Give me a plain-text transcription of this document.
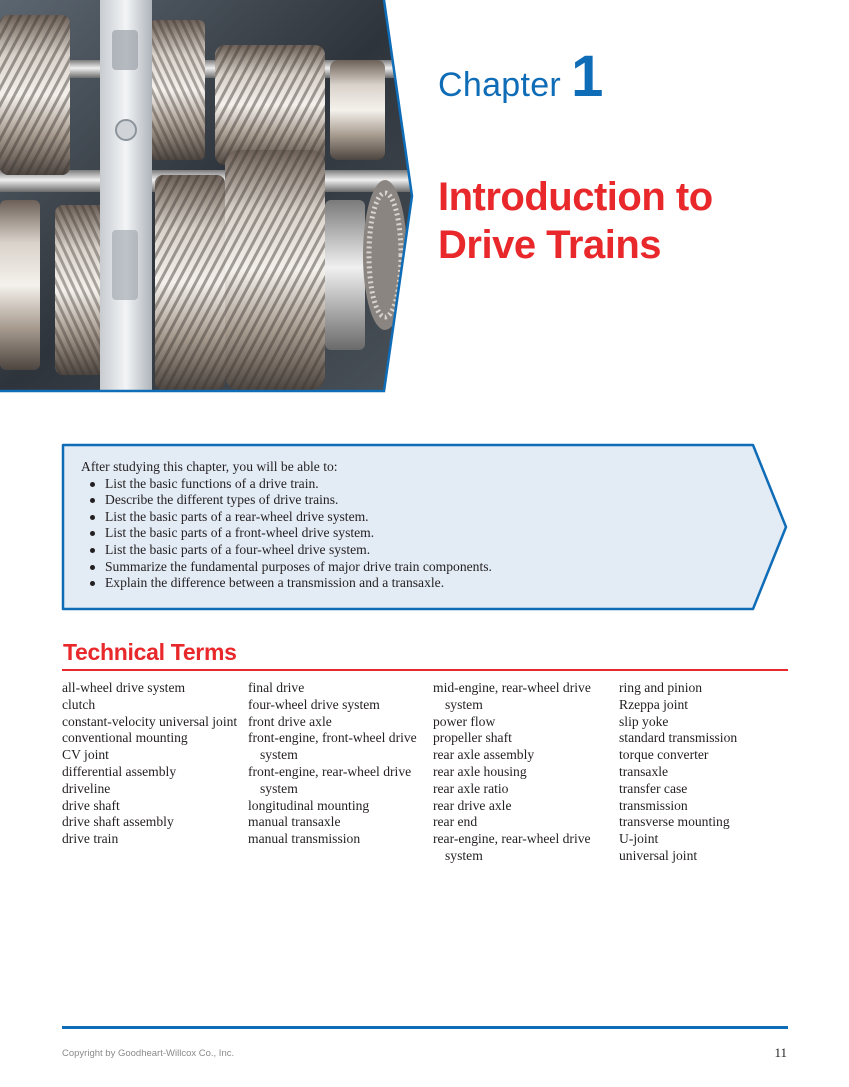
Chapter 1
Introduction to
Drive Trains
After studying this chapter, you will be able to:
List the basic functions of a drive train.
Describe the different types of drive trains.
List the basic parts of a rear-wheel drive system.
List the basic parts of a front-wheel drive system.
List the basic parts of a four-wheel drive system.
Summarize the fundamental purposes of major drive train components.
Explain the difference between a transmission and a transaxle.
Technical Terms
all-wheel drive system
clutch
constant-velocity universal joint
conventional mounting
CV joint
differential assembly
driveline
drive shaft
drive shaft assembly
drive train
final drive
four-wheel drive system
front drive axle
front-engine, front-wheel drive system
front-engine, rear-wheel drive system
longitudinal mounting
manual transaxle
manual transmission
mid-engine, rear-wheel drive system
power flow
propeller shaft
rear axle assembly
rear axle housing
rear axle ratio
rear drive axle
rear end
rear-engine, rear-wheel drive system
ring and pinion
Rzeppa joint
slip yoke
standard transmission
torque converter
transaxle
transfer case
transmission
transverse mounting
U-joint
universal joint
Copyright by Goodheart-Willcox Co., Inc.	11
